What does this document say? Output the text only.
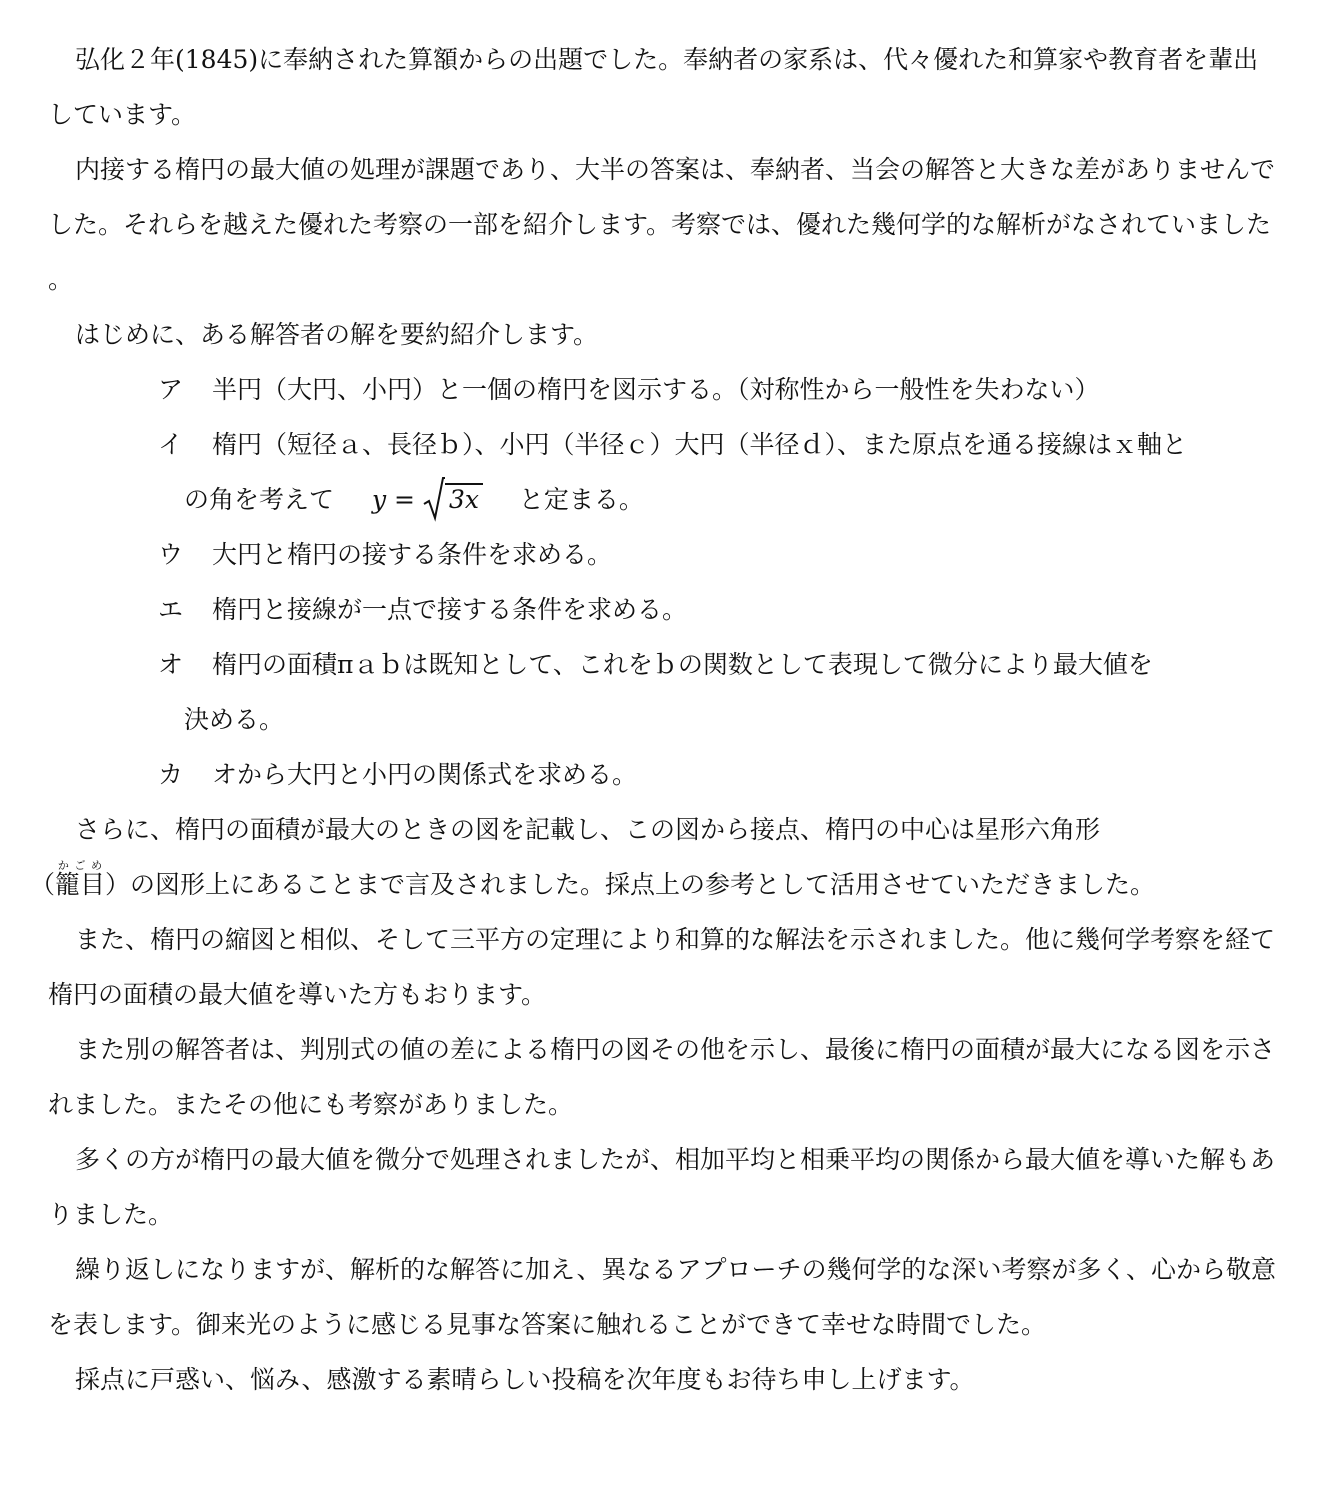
弘化２年(1845)に奉納された算額からの出題でした。奉納者の家系は、代々優れた和算家や教育者を輩出しています。

内接する楕円の最大値の処理が課題であり、大半の答案は、奉納者、当会の解答と大きな差がありませんでした。それらを越えた優れた考察の一部を紹介します。考察では、優れた幾何学的な解析がなされていました。

はじめに、ある解答者の解を要約紹介します。

ア 半円（大円、小円）と一個の楕円を図示する。（対称性から一般性を失わない）
イ 楕円（短径ａ、長径ｂ）、小円（半径ｃ）大円（半径ｄ）、また原点を通る接線はｘ軸と
の角を考えて y = 3x と定まる。
ウ 大円と楕円の接する条件を求める。
エ 楕円と接線が一点で接する条件を求める。
オ 楕円の面積πａｂは既知として、これをｂの関数として表現して微分により最大値を
決める。
カ オから大円と小円の関係式を求める。

さらに、楕円の面積が最大のときの図を記載し、この図から接点、楕円の中心は星形六角形
（籠目かごめ）の図形上にあることまで言及されました。採点上の参考として活用させていただきました。

また、楕円の縮図と相似、そして三平方の定理により和算的な解法を示されました。他に幾何学考察を経て楕円の面積の最大値を導いた方もおります。

また別の解答者は、判別式の値の差による楕円の図その他を示し、最後に楕円の面積が最大になる図を示されました。またその他にも考察がありました。

多くの方が楕円の最大値を微分で処理されましたが、相加平均と相乗平均の関係から最大値を導いた解もありました。

繰り返しになりますが、解析的な解答に加え、異なるアプローチの幾何学的な深い考察が多く、心から敬意を表します。御来光のように感じる見事な答案に触れることができて幸せな時間でした。

採点に戸惑い、悩み、感激する素晴らしい投稿を次年度もお待ち申し上げます。
